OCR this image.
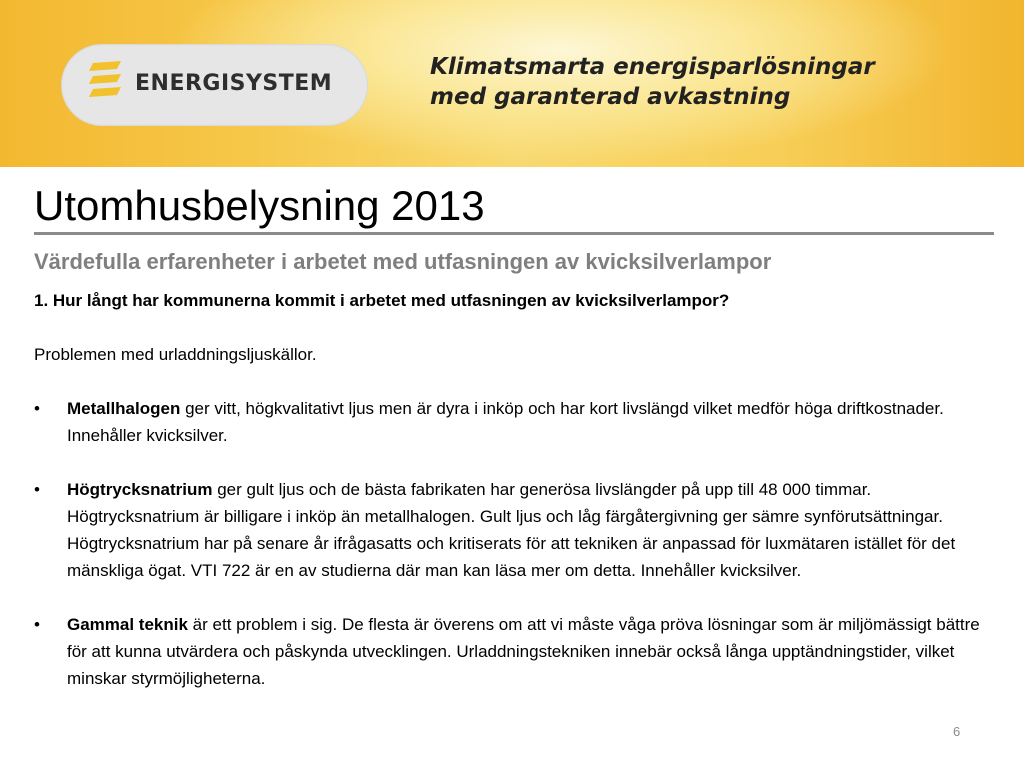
ENERGISYSTEM
Klimatsmarta energisparlösningar
med garanterad avkastning
Utomhusbelysning 2013
Värdefulla erfarenheter i arbetet med utfasningen av kvicksilverlampor

1. Hur långt har kommunerna kommit i arbetet med utfasningen av kvicksilverlampor?

Problemen med urladdningsljuskällor.

•	Metallhalogen ger vitt, högkvalitativt ljus men är dyra i inköp och har kort livslängd vilket medför höga driftkostnader. Innehåller kvicksilver.
•	Högtrycksnatrium ger gult ljus och de bästa fabrikaten har generösa livslängder på upp till 48 000 timmar. Högtrycksnatrium är billigare i inköp än metallhalogen. Gult ljus och låg färgåtergivning ger sämre synförutsättningar. Högtrycksnatrium har på senare år ifrågasatts och kritiserats för att tekniken är anpassad för luxmätaren istället för det mänskliga ögat. VTI 722 är en av studierna där man kan läsa mer om detta. Innehåller kvicksilver.
•	Gammal teknik är ett problem i sig. De flesta är överens om att vi måste våga pröva lösningar som är miljömässigt bättre för att kunna utvärdera och påskynda utvecklingen. Urladdningstekniken innebär också långa upptändningstider, vilket minskar styrmöjligheterna.
6
